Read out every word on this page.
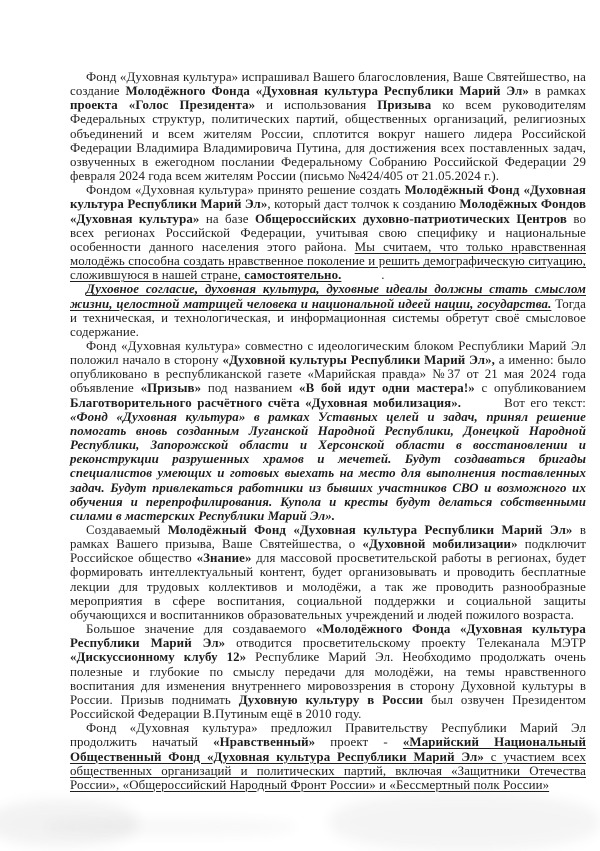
Фонд «Духовная культура» испрашивал Вашего благословления, Ваше Святейшество, на создание Молодёжного Фонда «Духовная культура Республики Марий Эл» в рамках проекта «Голос Президента» и использования Призыва ко всем руководителям Федеральных структур, политических партий, общественных организаций, религиозных объединений и всем жителям России, сплотится вокруг нашего лидера Российской Федерации Владимира Владимировича Путина, для достижения всех поставленных задач, озвученных в ежегодном послании Федеральному Собранию Российской Федерации 29 февраля 2024 года всем жителям России (письмо №424/405 от 21.05.2024 г.).

Фондом «Духовная культура» принято решение создать Молодёжный Фонд «Духовная культура Республики Марий Эл», который даст толчок к созданию Молодёжных Фондов «Духовная культура» на базе Общероссийских духовно-патриотических Центров во всех регионах Российской Федерации, учитывая свою специфику и национальные особенности данного населения этого района. Мы считаем, что только нравственная молодёжь способна создать нравственное поколение и решить демографическую ситуацию, сложившуюся в нашей стране, самостоятельно.            .

Духовное согласие, духовная культура, духовные идеалы должны стать смыслом жизни, целостной матрицей человека и национальной идеей нации, государства. Тогда и техническая, и технологическая, и информационная системы обретут своё смысловое содержание.

Фонд «Духовная культура» совместно с идеологическим блоком Республики Марий Эл положил начало в сторону «Духовной культуры Республики Марий Эл», а именно: было опубликовано в республиканской газете «Марийская правда» №37 от 21 мая 2024 года объявление «Призыв» под названием «В бой идут одни мастера!» с опубликованием Благотворительного расчётного счёта «Духовная мобилизация».        Вот его текст: «Фонд «Духовная культура» в рамках Уставных целей и задач, принял решение помогать вновь созданным Луганской Народной Республики, Донецкой Народной Республики, Запорожской области и Херсонской области в восстановлении и реконструкции разрушенных храмов и мечетей. Будут создаваться бригады специалистов умеющих и готовых выехать на место для выполнения поставленных задач. Будут привлекаться работники из бывших участников СВО и возможного их обучения и перепрофилирования. Купола и кресты будут делаться собственными силами в мастерских Республики Марий Эл».

Создаваемый Молодёжный Фонд «Духовная культура Республики Марий Эл» в рамках Вашего призыва, Ваше Святейшества, о «Духовной мобилизации» подключит Российское общество «Знание» для массовой просветительской работы в регионах, будет формировать интеллектуальный контент, будет организовывать и проводить бесплатные лекции для трудовых коллективов и молодёжи, а так же проводить разнообразные мероприятия в сфере воспитания, социальной поддержки и социальной защиты обучающихся и воспитанников образовательных учреждений и людей пожилого возраста.

Большое значение для создаваемого «Молодёжного Фонда «Духовная культура Республики Марий Эл» отводится просветительскому проекту Телеканала МЭТР «Дискуссионному клубу 12» Республике Марий Эл. Необходимо продолжать очень полезные и глубокие по смыслу передачи для молодёжи, на темы нравственного воспитания для изменения внутреннего мировоззрения в сторону Духовной культуры в России. Призыв поднимать Духовную культуру в России был озвучен Президентом Российской Федерации В.Путиным ещё в 2010 году.

Фонд «Духовная культура» предложил Правительству Республики Марий Эл продолжить начатый «Нравственный» проект - «Марийский Национальный Общественный Фонд «Духовная культура Республики Марий Эл» с участием всех общественных организаций и политических партий, включая «Защитники Отечества России», «Общероссийский Народный Фронт России» и «Бессмертный полк России»
